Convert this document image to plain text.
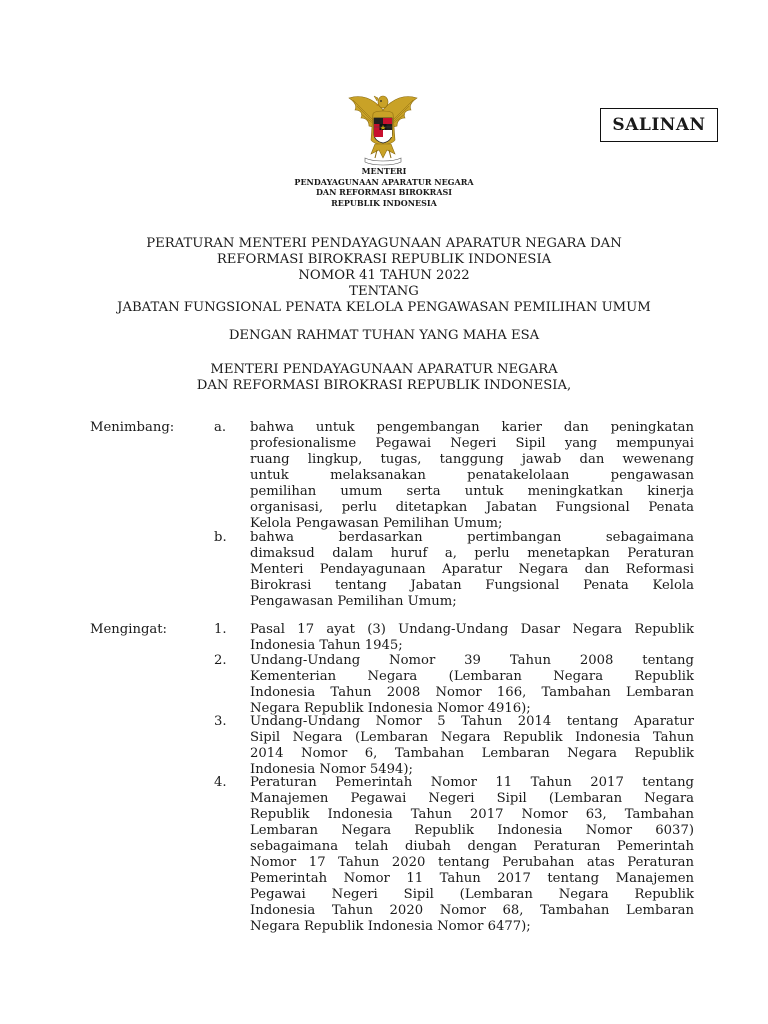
SALINAN
MENTERI
PENDAYAGUNAAN APARATUR NEGARA
DAN REFORMASI BIROKRASI
REPUBLIK INDONESIA
PERATURAN MENTERI PENDAYAGUNAAN APARATUR NEGARA DAN
REFORMASI BIROKRASI REPUBLIK INDONESIA
NOMOR 41 TAHUN 2022
TENTANG
JABATAN FUNGSIONAL PENATA KELOLA PENGAWASAN PEMILIHAN UMUM
DENGAN RAHMAT TUHAN YANG MAHA ESA
MENTERI PENDAYAGUNAAN APARATUR NEGARA
DAN REFORMASI BIROKRASI REPUBLIK INDONESIA,
Menimbang:	a.	bahwa untuk pengembangan karier dan peningkatan
profesionalisme Pegawai Negeri Sipil yang mempunyai
ruang lingkup, tugas, tanggung jawab dan wewenang
untuk melaksanakan penatakelolaan pengawasan
pemilihan umum serta untuk meningkatkan kinerja
organisasi, perlu ditetapkan Jabatan Fungsional Penata
Kelola Pengawasan Pemilihan Umum;
b.	bahwa berdasarkan pertimbangan sebagaimana
dimaksud dalam huruf a, perlu menetapkan Peraturan
Menteri Pendayagunaan Aparatur Negara dan Reformasi
Birokrasi tentang Jabatan Fungsional Penata Kelola
Pengawasan Pemilihan Umum;
Mengingat:	1.	Pasal 17 ayat (3) Undang-Undang Dasar Negara Republik
Indonesia Tahun 1945;
2.	Undang-Undang Nomor 39 Tahun 2008 tentang
Kementerian Negara (Lembaran Negara Republik
Indonesia Tahun 2008 Nomor 166, Tambahan Lembaran
Negara Republik Indonesia Nomor 4916);
3.	Undang-Undang Nomor 5 Tahun 2014 tentang Aparatur
Sipil Negara (Lembaran Negara Republik Indonesia Tahun
2014 Nomor 6, Tambahan Lembaran Negara Republik
Indonesia Nomor 5494);
4.	Peraturan Pemerintah Nomor 11 Tahun 2017 tentang
Manajemen Pegawai Negeri Sipil (Lembaran Negara
Republik Indonesia Tahun 2017 Nomor 63, Tambahan
Lembaran Negara Republik Indonesia Nomor 6037)
sebagaimana telah diubah dengan Peraturan Pemerintah
Nomor 17 Tahun 2020 tentang Perubahan atas Peraturan
Pemerintah Nomor 11 Tahun 2017 tentang Manajemen
Pegawai Negeri Sipil (Lembaran Negara Republik
Indonesia Tahun 2020 Nomor 68, Tambahan Lembaran
Negara Republik Indonesia Nomor 6477);
